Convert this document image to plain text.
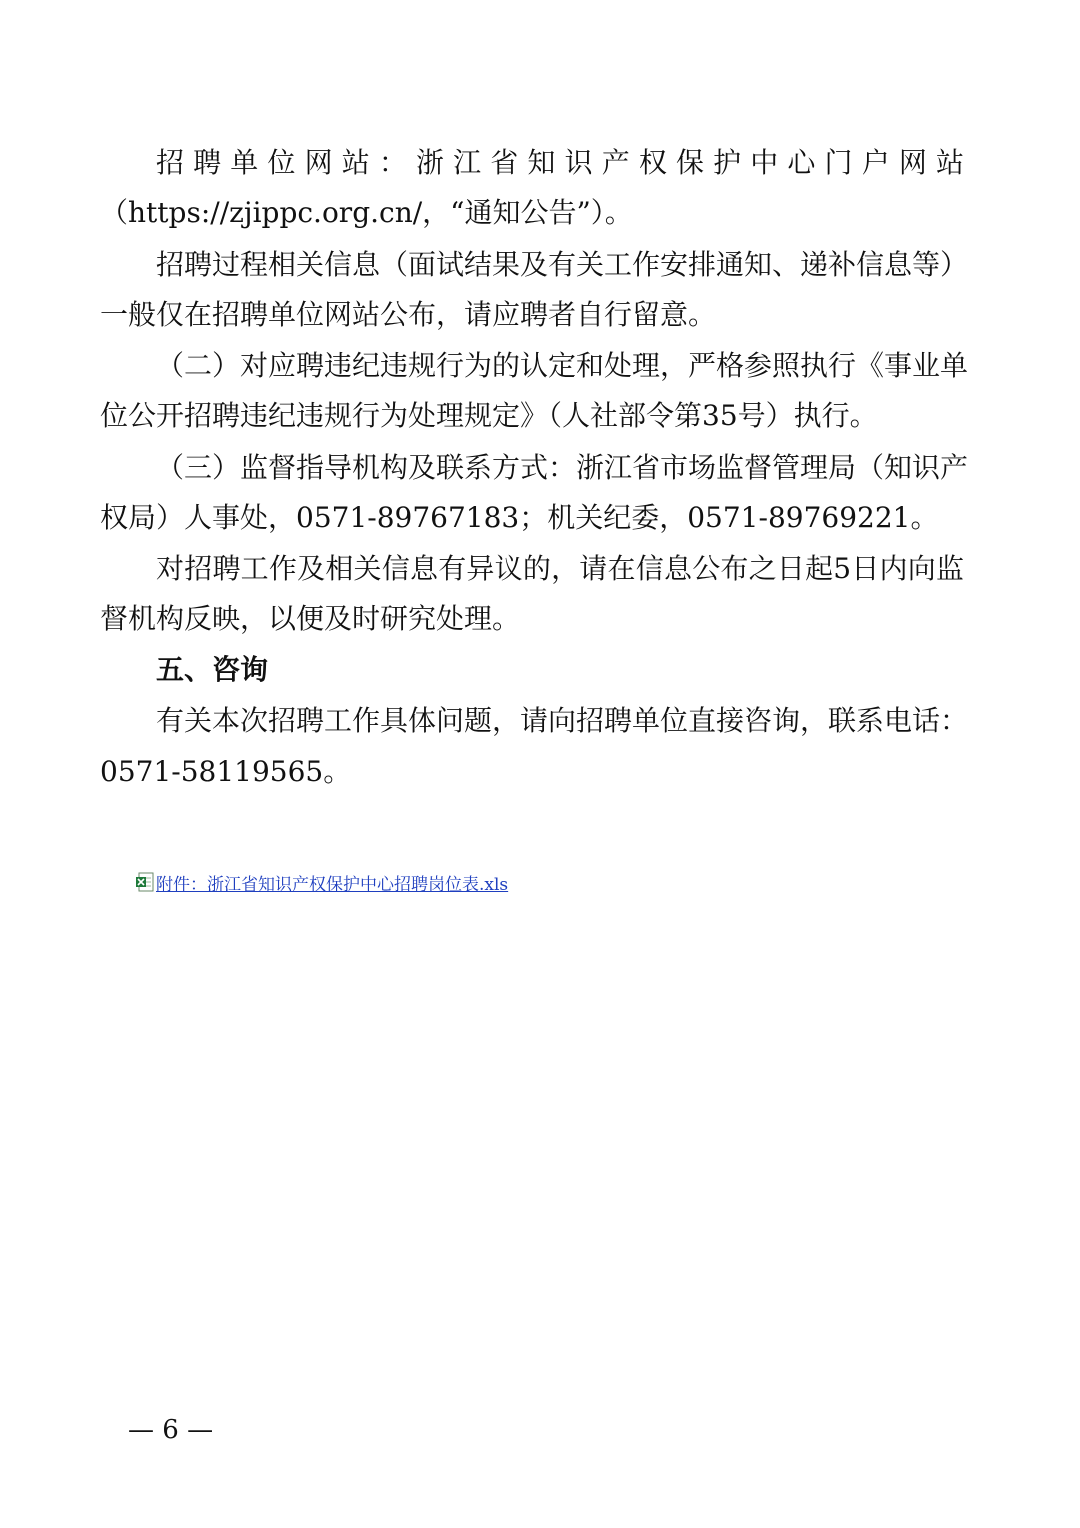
招聘单位网站：浙江省知识产权保护中心门户网站
（https://zjippc.org.cn/，“通知公告”）。
招聘过程相关信息（面试结果及有关工作安排通知、递补信息等）
一般仅在招聘单位网站公布，请应聘者自行留意。
（二）对应聘违纪违规行为的认定和处理，严格参照执行《事业单
位公开招聘违纪违规行为处理规定》（人社部令第35号）执行。
（三）监督指导机构及联系方式：浙江省市场监督管理局（知识产
权局）人事处，0571-89767183；机关纪委，0571-89769221。
对招聘工作及相关信息有异议的，请在信息公布之日起5日内向监
督机构反映，以便及时研究处理。
五、咨询
有关本次招聘工作具体问题，请向招聘单位直接咨询，联系电话：
0571-58119565。
附件：浙江省知识产权保护中心招聘岗位表.xls
— 6 —
